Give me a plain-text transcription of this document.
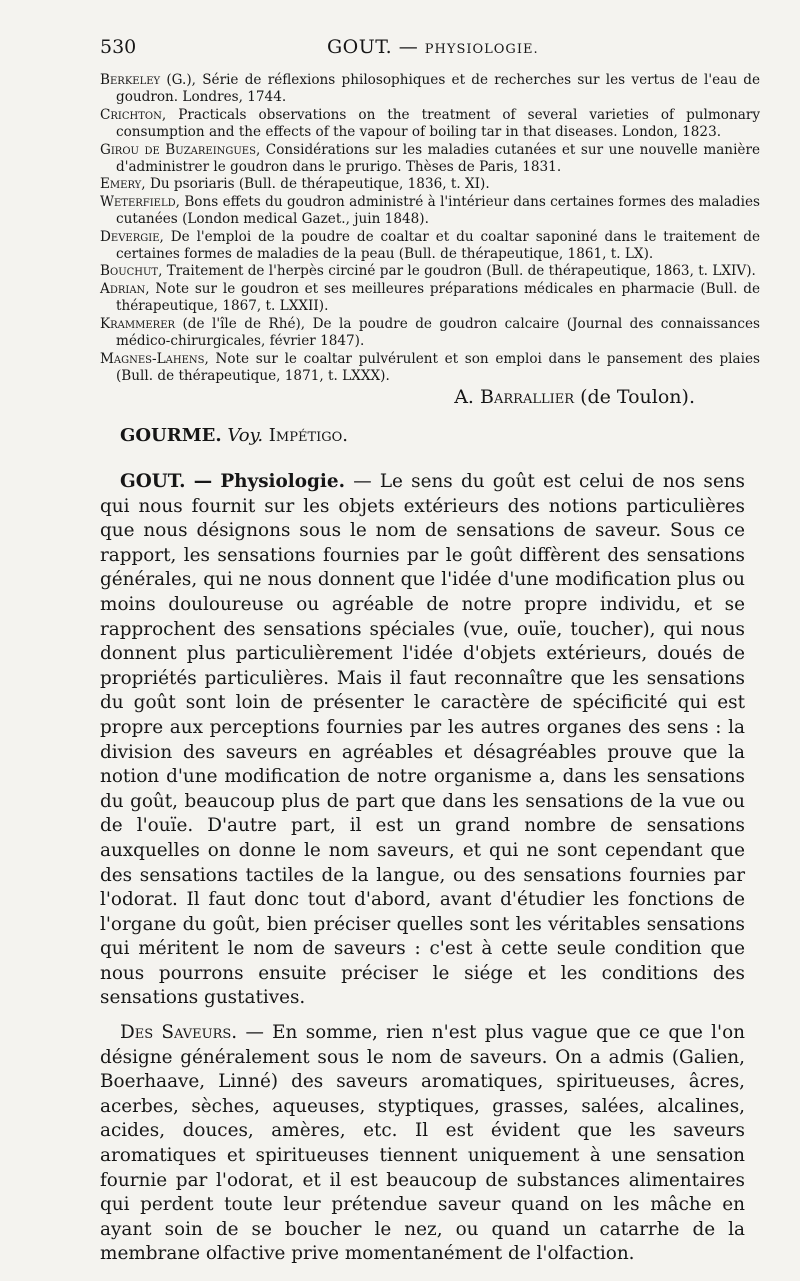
530	GOUT. — PHYSIOLOGIE.

Berkeley (G.), Série de réflexions philosophiques et de recherches sur les vertus de l'eau de goudron. Londres, 1744.

Crichton, Practicals observations on the treatment of several varieties of pulmonary consumption and the effects of the vapour of boiling tar in that diseases. London, 1823.

Girou de Buzareingues, Considérations sur les maladies cutanées et sur une nouvelle manière d'administrer le goudron dans le prurigo. Thèses de Paris, 1831.

Emery, Du psoriaris (Bull. de thérapeutique, 1836, t. XI).

Weterfield, Bons effets du goudron administré à l'intérieur dans certaines formes des maladies cutanées (London medical Gazet., juin 1848).

Devergie, De l'emploi de la poudre de coaltar et du coaltar saponiné dans le traitement de certaines formes de maladies de la peau (Bull. de thérapeutique, 1861, t. LX).

Bouchut, Traitement de l'herpès circiné par le goudron (Bull. de thérapeutique, 1863, t. LXIV).

Adrian, Note sur le goudron et ses meilleures préparations médicales en pharmacie (Bull. de thérapeutique, 1867, t. LXXII).

Krammerer (de l'île de Rhé), De la poudre de goudron calcaire (Journal des connaissances médico-chirurgicales, février 1847).

Magnes-Lahens, Note sur le coaltar pulvérulent et son emploi dans le pansement des plaies (Bull. de thérapeutique, 1871, t. LXXX).

A. Barrallier (de Toulon).
GOURME. Voy. Impétigo.

GOUT. — Physiologie. — Le sens du goût est celui de nos sens qui nous fournit sur les objets extérieurs des notions particulières que nous désignons sous le nom de sensations de saveur. Sous ce rapport, les sensations fournies par le goût diffèrent des sensations générales, qui ne nous donnent que l'idée d'une modification plus ou moins douloureuse ou agréable de notre propre individu, et se rapprochent des sensations spéciales (vue, ouïe, toucher), qui nous donnent plus particulièrement l'idée d'objets extérieurs, doués de propriétés particulières. Mais il faut reconnaître que les sensations du goût sont loin de présenter le caractère de spécificité qui est propre aux perceptions fournies par les autres organes des sens : la division des saveurs en agréables et désagréables prouve que la notion d'une modification de notre organisme a, dans les sensations du goût, beaucoup plus de part que dans les sensations de la vue ou de l'ouïe. D'autre part, il est un grand nombre de sensations auxquelles on donne le nom saveurs, et qui ne sont cependant que des sensations tactiles de la langue, ou des sensations fournies par l'odorat. Il faut donc tout d'abord, avant d'étudier les fonctions de l'organe du goût, bien préciser quelles sont les véritables sensations qui méritent le nom de saveurs : c'est à cette seule condition que nous pourrons ensuite préciser le siége et les conditions des sensations gustatives.

Des Saveurs. — En somme, rien n'est plus vague que ce que l'on désigne généralement sous le nom de saveurs. On a admis (Galien, Boerhaave, Linné) des saveurs aromatiques, spiritueuses, âcres, acerbes, sèches, aqueuses, styptiques, grasses, salées, alcalines, acides, douces, amères, etc. Il est évident que les saveurs aromatiques et spiritueuses tiennent uniquement à une sensation fournie par l'odorat, et il est beaucoup de substances alimentaires qui perdent toute leur prétendue saveur quand on les mâche en ayant soin de se boucher le nez, ou quand un catarrhe de la membrane olfactive prive momentanément de l'olfaction.
